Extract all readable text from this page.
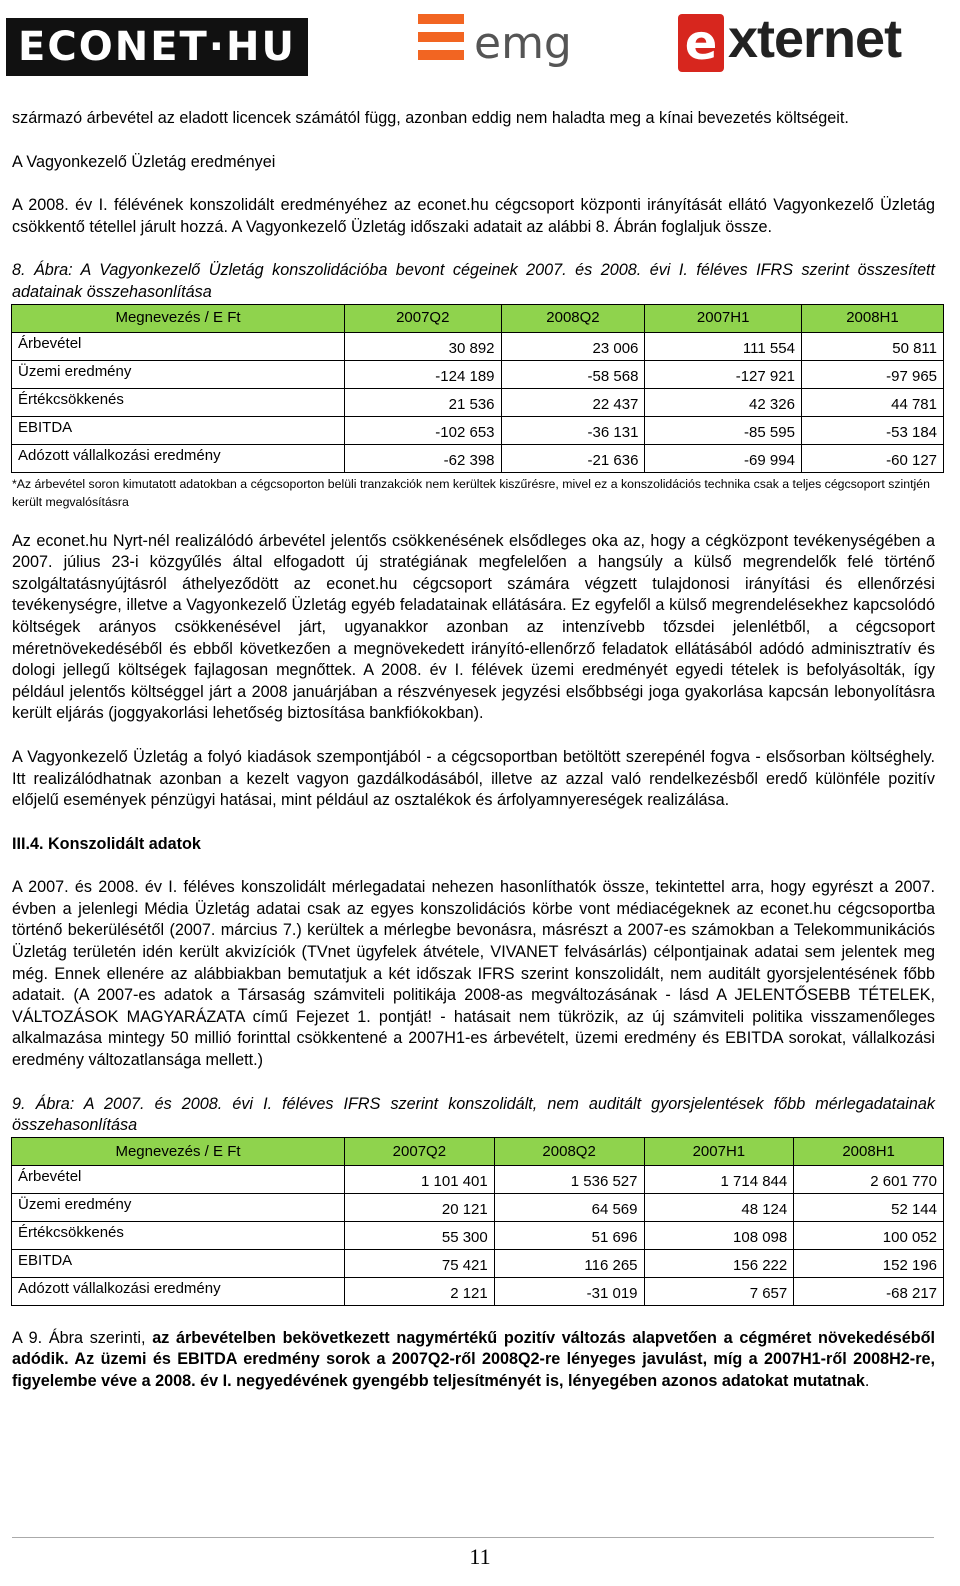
ECONET·HU	emg e xternet

származó árbevétel az eladott licencek számától függ, azonban eddig nem haladta meg a kínai bevezetés költségeit.

A Vagyonkezelő Üzletág eredményei

A 2008. év I. félévének konszolidált eredményéhez az econet.hu cégcsoport központi irányítását ellátó Vagyonkezelő Üzletág csökkentő tétellel járult hozzá. A Vagyonkezelő Üzletág időszaki adatait az alábbi 8. Ábrán foglaljuk össze.

8. Ábra: A Vagyonkezelő Üzletág konszolidációba bevont cégeinek 2007. és 2008. évi I. féléves IFRS szerint összesített adatainak összehasonlítása

Megnevezés / E Ft	2007Q2	2008Q2	2007H1	2008H1
Árbevétel	30 892	23 006	111 554	50 811
Üzemi eredmény	-124 189	-58 568	-127 921	-97 965
Értékcsökkenés	21 536	22 437	42 326	44 781
EBITDA	-102 653	-36 131	-85 595	-53 184
Adózott vállalkozási eredmény	-62 398	-21 636	-69 994	-60 127

*Az árbevétel soron kimutatott adatokban a cégcsoporton belüli tranzakciók nem kerültek kiszűrésre, mivel ez a konszolidációs technika csak a teljes cégcsoport szintjén került megvalósításra

Az econet.hu Nyrt-nél realizálódó árbevétel jelentős csökkenésének elsődleges oka az, hogy a cégközpont tevékenységében a 2007. július 23-i közgyűlés által elfogadott új stratégiának megfelelően a hangsúly a külső megrendelők felé történő szolgáltatásnyújtásról áthelyeződött az econet.hu cégcsoport számára végzett tulajdonosi irányítási és ellenőrzési tevékenységre, illetve a Vagyonkezelő Üzletág egyéb feladatainak ellátására. Ez egyfelől a külső megrendelésekhez kapcsolódó költségek arányos csökkenésével járt, ugyanakkor azonban az intenzívebb tőzsdei jelenlétből, a cégcsoport méretnövekedéséből és ebből következően a megnövekedett irányító-ellenőrző feladatok ellátásából adódó adminisztratív és dologi jellegű költségek fajlagosan megnőttek. A 2008. év I. félévek üzemi eredményét egyedi tételek is befolyásolták, így például jelentős költséggel járt a 2008 januárjában a részvényesek jegyzési elsőbbségi joga gyakorlása kapcsán lebonyolításra került eljárás (joggyakorlási lehetőség biztosítása bankfiókokban).

A Vagyonkezelő Üzletág a folyó kiadások szempontjából - a cégcsoportban betöltött szerepénél fogva - elsősorban költséghely. Itt realizálódhatnak azonban a kezelt vagyon gazdálkodásából, illetve az azzal való rendelkezésből eredő különféle pozitív előjelű események pénzügyi hatásai, mint például az osztalékok és árfolyamnyereségek realizálása.

III.4. Konszolidált adatok

A 2007. és 2008. év I. féléves konszolidált mérlegadatai nehezen hasonlíthatók össze, tekintettel arra, hogy egyrészt a 2007. évben a jelenlegi Média Üzletág adatai csak az egyes konszolidációs körbe vont médiacégeknek az econet.hu cégcsoportba történő bekerülésétől (2007. március 7.) kerültek a mérlegbe bevonásra, másrészt a 2007-es számokban a Telekommunikációs Üzletág területén idén került akvizíciók (TVnet ügyfelek átvétele, VIVANET felvásárlás) célpontjainak adatai sem jelentek meg még. Ennek ellenére az alábbiakban bemutatjuk a két időszak IFRS szerint konszolidált, nem auditált gyorsjelentésének főbb adatait. (A 2007-es adatok a Társaság számviteli politikája 2008-as megváltozásának - lásd A JELENTŐSEBB TÉTELEK, VÁLTOZÁSOK MAGYARÁZATA című Fejezet 1. pontját! - hatásait nem tükrözik, az új számviteli politika visszamenőleges alkalmazása mintegy 50 millió forinttal csökkentené a 2007H1-es árbevételt, üzemi eredmény és EBITDA sorokat, vállalkozási eredmény változatlansága mellett.)

9. Ábra: A 2007. és 2008. évi I. féléves IFRS szerint konszolidált, nem auditált gyorsjelentések főbb mérlegadatainak összehasonlítása

Megnevezés / E Ft	2007Q2	2008Q2	2007H1	2008H1
Árbevétel	1 101 401	1 536 527	1 714 844	2 601 770
Üzemi eredmény	20 121	64 569	48 124	52 144
Értékcsökkenés	55 300	51 696	108 098	100 052
EBITDA	75 421	116 265	156 222	152 196
Adózott vállalkozási eredmény	2 121	-31 019	7 657	-68 217

A 9. Ábra szerinti, az árbevételben bekövetkezett nagymértékű pozitív változás alapvetően a cégméret növekedéséből adódik. Az üzemi és EBITDA eredmény sorok a 2007Q2-ről 2008Q2-re lényeges javulást, míg a 2007H1-ről 2008H2-re, figyelembe véve a 2008. év I. negyedévének gyengébb teljesítményét is, lényegében azonos adatokat mutatnak.

11
